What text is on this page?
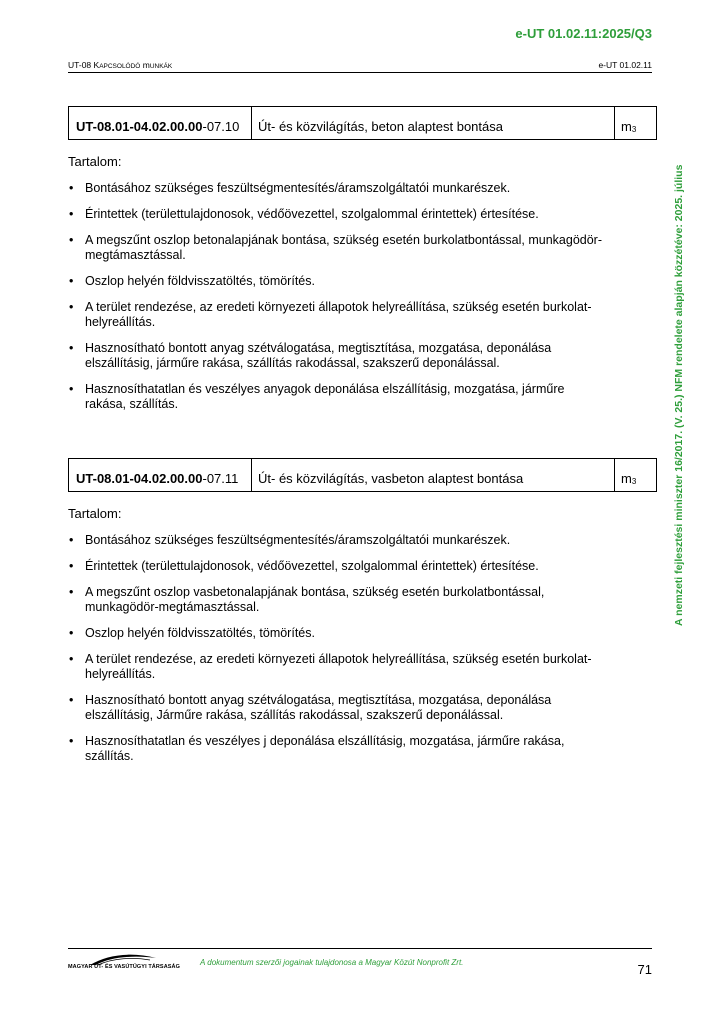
e-UT 01.02.11:2025/Q3
UT-08 KAPCSOLÓDÓ mUNKÁK	e-UT 01.02.11
A nemzeti fejlesztési miniszter 16/2017. (V. 25.) NFM rendelete alapján közzétéve: 2025. július
UT-08.01-04.02.00.00 -07.10	Út- és közvilágítás, beton alaptest bontása	$m_3$
Tartalom:
• Bontásához szükséges feszültségmentesítés/áramszolgáltatói munkarészek.
• Érintettek (területtulajdonosok, védőövezettel, szolgalommal érintettek) értesítése.
• A megszűnt oszlop betonalapjának bontása, szükség esetén burkolatbontással, munkagödör-megtámasztással.
• Oszlop helyén földvisszatöltés, tömörítés.
• A terület rendezése, az eredeti környezeti állapotok helyreállítása, szükség esetén burkolat-helyreállítás.
• Hasznosítható bontott anyag szétválogatása, megtisztítása, mozgatása, deponálása elszállításig, járműre rakása, szállítás rakodással, szakszerű deponálással.
• Hasznosíthatatlan és veszélyes anyagok deponálása elszállításig, mozgatása, járműre rakása, szállítás.
UT-08.01-04.02.00.00 -07.11	Út- és közvilágítás, vasbeton alaptest bontása	$m_3$
Tartalom:
• Bontásához szükséges feszültségmentesítés/áramszolgáltatói munkarészek.
• Érintettek (területtulajdonosok, védőövezettel, szolgalommal érintettek) értesítése.
• A megszűnt oszlop vasbetonalapjának bontása, szükség esetén burkolatbontással, munkagödör-megtámasztással.
• Oszlop helyén földvisszatöltés, tömörítés.
• A terület rendezése, az eredeti környezeti állapotok helyreállítása, szükség esetén burkolat-helyreállítás.
• Hasznosítható bontott anyag szétválogatása, megtisztítása, mozgatása, deponálása elszállításig, Járműre rakása, szállítás rakodással, szakszerű deponálással.
• Hasznosíthatatlan és veszélyes j deponálása elszállításig, mozgatása, járműre rakása, szállítás.
MAGYAR ÚT- ÉS VASÚTÜGYI TÁRSASÁG	A dokumentum szerzői jogainak tulajdonosa a Magyar Közút Nonprofit Zrt.	71
